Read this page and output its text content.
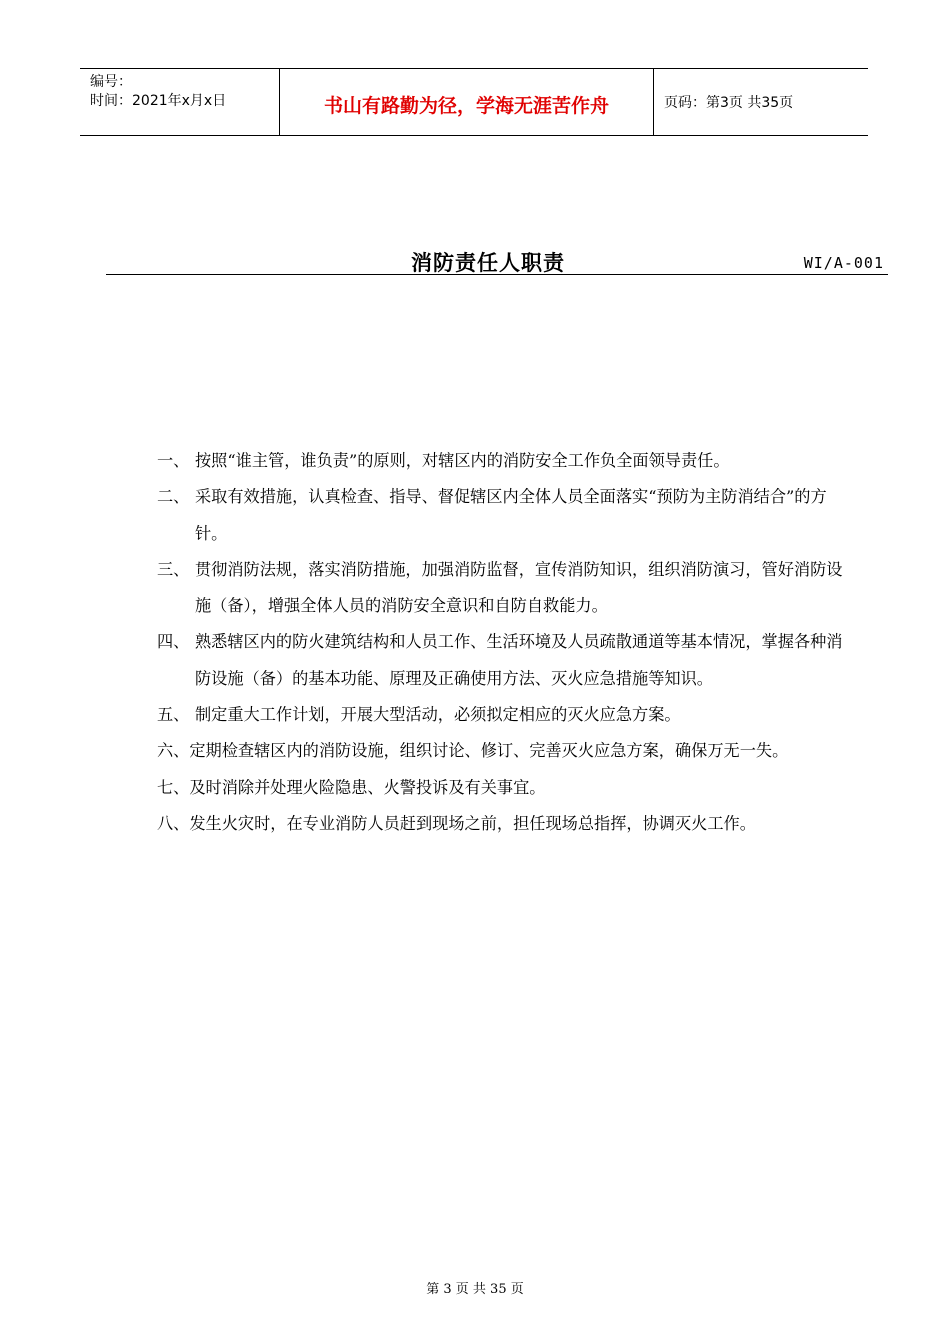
编号：
时间：2021年x月x日	书山有路勤为径，学海无涯苦作舟	页码：第3页 共35页
消防责任人职责	WI/A-001
一、 按照“谁主管，谁负责”的原则，对辖区内的消防安全工作负全面领导责任。
二、 采取有效措施，认真检查、指导、督促辖区内全体人员全面落实“预防为主防消结合”的方针。
三、 贯彻消防法规，落实消防措施，加强消防监督，宣传消防知识，组织消防演习，管好消防设施（备），增强全体人员的消防安全意识和自防自救能力。
四、 熟悉辖区内的防火建筑结构和人员工作、生活环境及人员疏散通道等基本情况，掌握各种消防设施（备）的基本功能、原理及正确使用方法、灭火应急措施等知识。
五、 制定重大工作计划，开展大型活动，必须拟定相应的灭火应急方案。
六、定期检查辖区内的消防设施，组织讨论、修订、完善灭火应急方案，确保万无一失。
七、及时消除并处理火险隐患、火警投诉及有关事宜。
八、发生火灾时，在专业消防人员赶到现场之前，担任现场总指挥，协调灭火工作。
第 3 页 共 35 页
